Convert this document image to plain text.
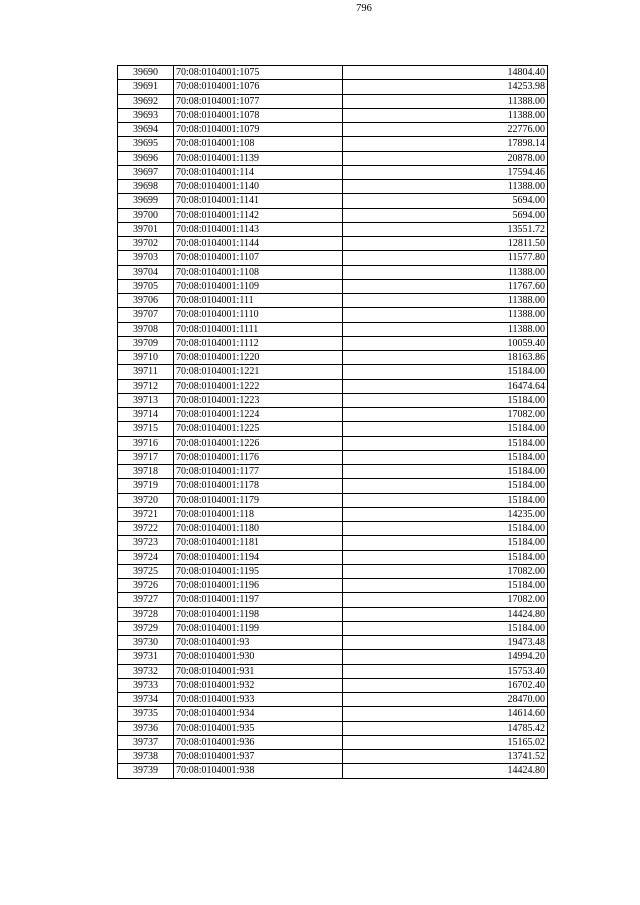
796
39690	70:08:0104001:1075	14804.40
39691	70:08:0104001:1076	14253.98
39692	70:08:0104001:1077	11388.00
39693	70:08:0104001:1078	11388.00
39694	70:08:0104001:1079	22776.00
39695	70:08:0104001:108	17898.14
39696	70:08:0104001:1139	20878.00
39697	70:08:0104001:114	17594.46
39698	70:08:0104001:1140	11388.00
39699	70:08:0104001:1141	5694.00
39700	70:08:0104001:1142	5694.00
39701	70:08:0104001:1143	13551.72
39702	70:08:0104001:1144	12811.50
39703	70:08:0104001:1107	11577.80
39704	70:08:0104001:1108	11388.00
39705	70:08:0104001:1109	11767.60
39706	70:08:0104001:111	11388.00
39707	70:08:0104001:1110	11388.00
39708	70:08:0104001:1111	11388.00
39709	70:08:0104001:1112	10059.40
39710	70:08:0104001:1220	18163.86
39711	70:08:0104001:1221	15184.00
39712	70:08:0104001:1222	16474.64
39713	70:08:0104001:1223	15184.00
39714	70:08:0104001:1224	17082.00
39715	70:08:0104001:1225	15184.00
39716	70:08:0104001:1226	15184.00
39717	70:08:0104001:1176	15184.00
39718	70:08:0104001:1177	15184.00
39719	70:08:0104001:1178	15184.00
39720	70:08:0104001:1179	15184.00
39721	70:08:0104001:118	14235.00
39722	70:08:0104001:1180	15184.00
39723	70:08:0104001:1181	15184.00
39724	70:08:0104001:1194	15184.00
39725	70:08:0104001:1195	17082.00
39726	70:08:0104001:1196	15184.00
39727	70:08:0104001:1197	17082.00
39728	70:08:0104001:1198	14424.80
39729	70:08:0104001:1199	15184.00
39730	70:08:0104001:93	19473.48
39731	70:08:0104001:930	14994.20
39732	70:08:0104001:931	15753.40
39733	70:08:0104001:932	16702.40
39734	70:08:0104001:933	28470.00
39735	70:08:0104001:934	14614.60
39736	70:08:0104001:935	14785.42
39737	70:08:0104001:936	15165.02
39738	70:08:0104001:937	13741.52
39739	70:08:0104001:938	14424.80
